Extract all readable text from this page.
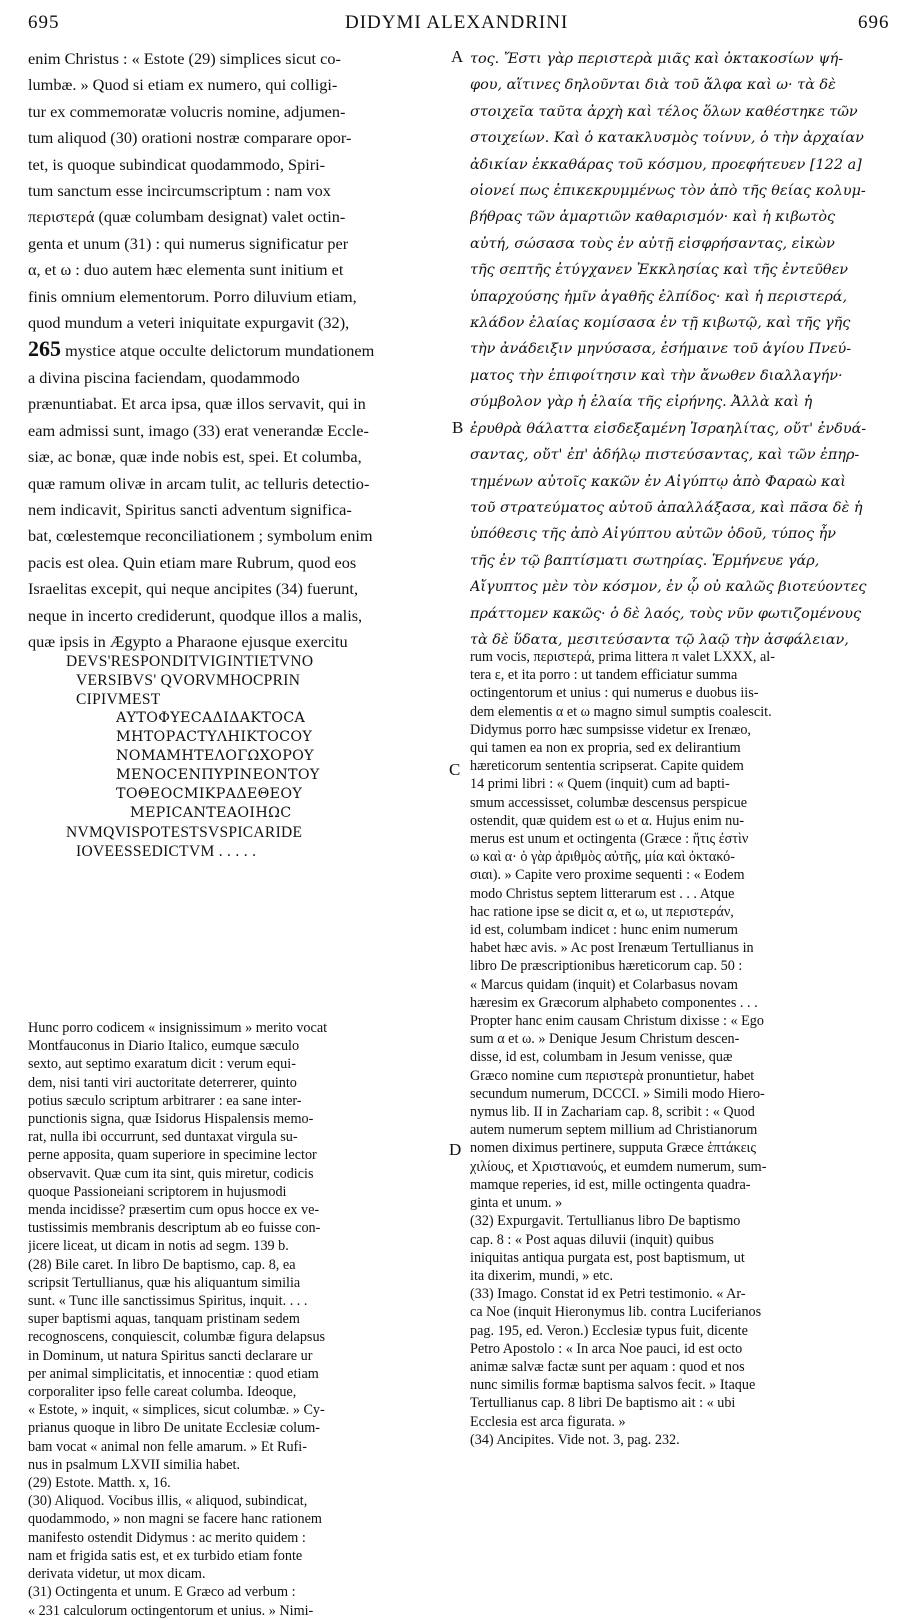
695	DIDYMI ALEXANDRINI	696
A
B
C
D
enim Christus : « Estote (29) simplices sicut co-
lumbæ. » Quod si etiam ex numero, qui colligi-
tur ex commemoratæ volucris nomine, adjumen-
tum aliquod (30) orationi nostræ comparare opor-
tet, is quoque subindicat quodammodo, Spiri-
tum sanctum esse incircumscriptum : nam vox
περιστερά (quæ columbam designat) valet octin-
genta et unum (31) : qui numerus significatur per
α, et ω : duo autem hæc elementa sunt initium et
finis omnium elementorum. Porro diluvium etiam,
quod mundum a veteri iniquitate expurgavit (32),
265 mystice atque occulte delictorum mundationem
a divina piscina faciendam, quodammodo
prænuntiabat. Et arca ipsa, quæ illos servavit, qui in
eam admissi sunt, imago (33) erat venerandæ Eccle-
siæ, ac bonæ, quæ inde nobis est, spei. Et columba,
quæ ramum olivæ in arcam tulit, ac telluris detectio-
nem indicavit, Spiritus sancti adventum significa-
bat, cœlestemque reconciliationem ; symbolum enim
pacis est olea. Quin etiam mare Rubrum, quod eos
Israelitas excepit, qui neque ancipites (34) fuerunt,
neque in incerto crediderunt, quodque illos a malis,
quæ ipsis in Ægypto a Pharaone ejusque exercitu
τος. Ἔστι γὰρ περιστερὰ μιᾶς καὶ ὀκτακοσίων ψή-
φου, αἵτινες δηλοῦνται διὰ τοῦ ἄλφα καὶ ω· τὰ δὲ
στοιχεῖα ταῦτα ἀρχὴ καὶ τέλος ὅλων καθέστηκε τῶν
στοιχείων. Καὶ ὁ κατακλυσμὸς τοίνυν, ὁ τὴν ἀρχαίαν
ἀδικίαν ἐκκαθάρας τοῦ κόσμου, προεφήτευεν [122 a]
οἱονεί πως ἐπικεκρυμμένως τὸν ἀπὸ τῆς θείας κολυμ-
βήθρας τῶν ἁμαρτιῶν καθαρισμόν· καὶ ἡ κιβωτὸς
αὐτή, σώσασα τοὺς ἐν αὐτῇ εἰσφρήσαντας, εἰκὼν
τῆς σεπτῆς ἐτύγχανεν Ἐκκλησίας καὶ τῆς ἐντεῦθεν
ὑπαρχούσης ἡμῖν ἀγαθῆς ἐλπίδος· καὶ ἡ περιστερά,
κλάδον ἐλαίας κομίσασα ἐν τῇ κιβωτῷ, καὶ τῆς γῆς
τὴν ἀνάδειξιν μηνύσασα, ἐσήμαινε τοῦ ἁγίου Πνεύ-
ματος τὴν ἐπιφοίτησιν καὶ τὴν ἄνωθεν διαλλαγήν·
σύμβολον γὰρ ἡ ἐλαία τῆς εἰρήνης. Ἀλλὰ καὶ ἡ
ἐρυθρὰ θάλαττα εἰσδεξαμένη Ἰσραηλίτας, οὔτ' ἐνδυά-
σαντας, οὔτ' ἐπ' ἀδήλῳ πιστεύσαντας, καὶ τῶν ἐπηρ-
τημένων αὐτοῖς κακῶν ἐν Αἰγύπτῳ ἀπὸ Φαραὼ καὶ
τοῦ στρατεύματος αὐτοῦ ἀπαλλάξασα, καὶ πᾶσα δὲ ἡ
ὑπόθεσις τῆς ἀπὸ Αἰγύπτου αὐτῶν ὁδοῦ, τύπος ἦν
τῆς ἐν τῷ βαπτίσματι σωτηρίας. Ἑρμήνευε γάρ,
Αἴγυπτος μὲν τὸν κόσμον, ἐν ᾧ οὐ καλῶς βιοτεύοντες
πράττομεν κακῶς· ὁ δὲ λαός, τοὺς νῦν φωτιζομένους
τὰ δὲ ὕδατα, μεσιτεύσαντα τῷ λαῷ τὴν ἀσφάλειαν,
DEVS'RESPONDITVIGINTIETVNO
VERSIBVS' QVORVMHOCPRIN
CIPIVMEST
ΑΥΤΟΦΥΕСΑΔΙΔΑΚΤΟСΑ
ΜΗΤΟΡΑСΤΥΛΗΙΚΤΟСΟΥ
ΝΟΜΑΜΗΤΕΛΟΓΩΧΟΡΟΥ
ΜΕΝΟСΕΝΠΥΡΙΝΕΟΝΤΟΥ
ΤΟΘΕΟСΜΙΚΡΑΔΕΘΕΟΥ
ΜΕΡΙСΑΝΤΕΑΟΙΗΩС
NVMQVISPOTESTSVSPICARIDE
IOVEESSEDICTVM . . . . .
Hunc porro codicem « insignissimum » merito vocat
Montfauconus in Diario Italico, eumque sæculo
sexto, aut septimo exaratum dicit : verum equi-
dem, nisi tanti viri auctoritate deterrerer, quinto
potius sæculo scriptum arbitrarer : ea sane inter-
punctionis signa, quæ Isidorus Hispalensis memo-
rat, nulla ibi occurrunt, sed duntaxat virgula su-
perne apposita, quam superiore in specimine lector
observavit. Quæ cum ita sint, quis miretur, codicis
quoque Passioneiani scriptorem in hujusmodi
menda incidisse? præsertim cum opus hocce ex ve-
tustissimis membranis descriptum ab eo fuisse con-
jicere liceat, ut dicam in notis ad segm. 139 b.
(28) Bile caret. In libro De baptismo, cap. 8, ea
scripsit Tertullianus, quæ his aliquantum similia
sunt. « Tunc ille sanctissimus Spiritus, inquit. . . .
super baptismi aquas, tanquam pristinam sedem
recognoscens, conquiescit, columbæ figura delapsus
in Dominum, ut natura Spiritus sancti declarare ur
per animal simplicitatis, et innocentiæ : quod etiam
corporaliter ipso felle careat columba. Ideoque,
« Estote, » inquit, « simplices, sicut columbæ. » Cy-
prianus quoque in libro De unitate Ecclesiæ colum-
bam vocat « animal non felle amarum. » Et Rufi-
nus in psalmum LXVII similia habet.
(29) Estote. Matth. x, 16.
(30) Aliquod. Vocibus illis, « aliquod, subindicat,
quodammodo, » non magni se facere hanc rationem
manifesto ostendit Didymus : ac merito quidem :
nam et frigida satis est, et ex turbido etiam fonte
derivata videtur, ut mox dicam.
(31) Octingenta et unum. E Græco ad verbum :
« 231 calculorum octingentorum et unius. » Nimi-
rum vocis, περιστερά, prima littera π valet LXXX, al-
tera ε, et ita porro : ut tandem efficiatur summa
octingentorum et unius : qui numerus e duobus iis-
dem elementis α et ω magno simul sumptis coalescit.
Didymus porro hæc sumpsisse videtur ex Irenæo,
qui tamen ea non ex propria, sed ex delirantium
hæreticorum sententia scripserat. Capite quidem
14 primi libri : « Quem (inquit) cum ad bapti-
smum accessisset, columbæ descensus perspicue
ostendit, quæ quidem est ω et α. Hujus enim nu-
merus est unum et octingenta (Græce : ἥτις ἐστὶν
ω καὶ α· ὁ γὰρ ἀριθμὸς αὐτῆς, μία καὶ ὀκτακό-
σιαι). » Capite vero proxime sequenti : « Eodem
modo Christus septem litterarum est . . . Atque
hac ratione ipse se dicit α, et ω, ut περιστεράν,
id est, columbam indicet : hunc enim numerum
habet hæc avis. » Ac post Irenæum Tertullianus in
libro De præscriptionibus hæreticorum cap. 50 :
« Marcus quidam (inquit) et Colarbasus novam
hæresim ex Græcorum alphabeto componentes . . .
Propter hanc enim causam Christum dixisse : « Ego
sum α et ω. » Denique Jesum Christum descen-
disse, id est, columbam in Jesum venisse, quæ
Græco nomine cum περιστερὰ pronuntietur, habet
secundum numerum, DCCCI. » Simili modo Hiero-
nymus lib. II in Zachariam cap. 8, scribit : « Quod
autem numerum septem millium ad Christianorum
nomen diximus pertinere, supputa Græce ἑπτάκεις
χιλίους, et Χριστιανούς, et eumdem numerum, sum-
mamque reperies, id est, mille octingenta quadra-
ginta et unum. »
(32) Expurgavit. Tertullianus libro De baptismo
cap. 8 : « Post aquas diluvii (inquit) quibus
iniquitas antiqua purgata est, post baptismum, ut
ita dixerim, mundi, » etc.
(33) Imago. Constat id ex Petri testimonio. « Ar-
ca Noe (inquit Hieronymus lib. contra Luciferianos
pag. 195, ed. Veron.) Ecclesiæ typus fuit, dicente
Petro Apostolo : « In arca Noe pauci, id est octo
animæ salvæ factæ sunt per aquam : quod et nos
nunc similis formæ baptisma salvos fecit. » Itaque
Tertullianus cap. 8 libri De baptismo ait : « ubi
Ecclesia est arca figurata. »
(34) Ancipites. Vide not. 3, pag. 232.
